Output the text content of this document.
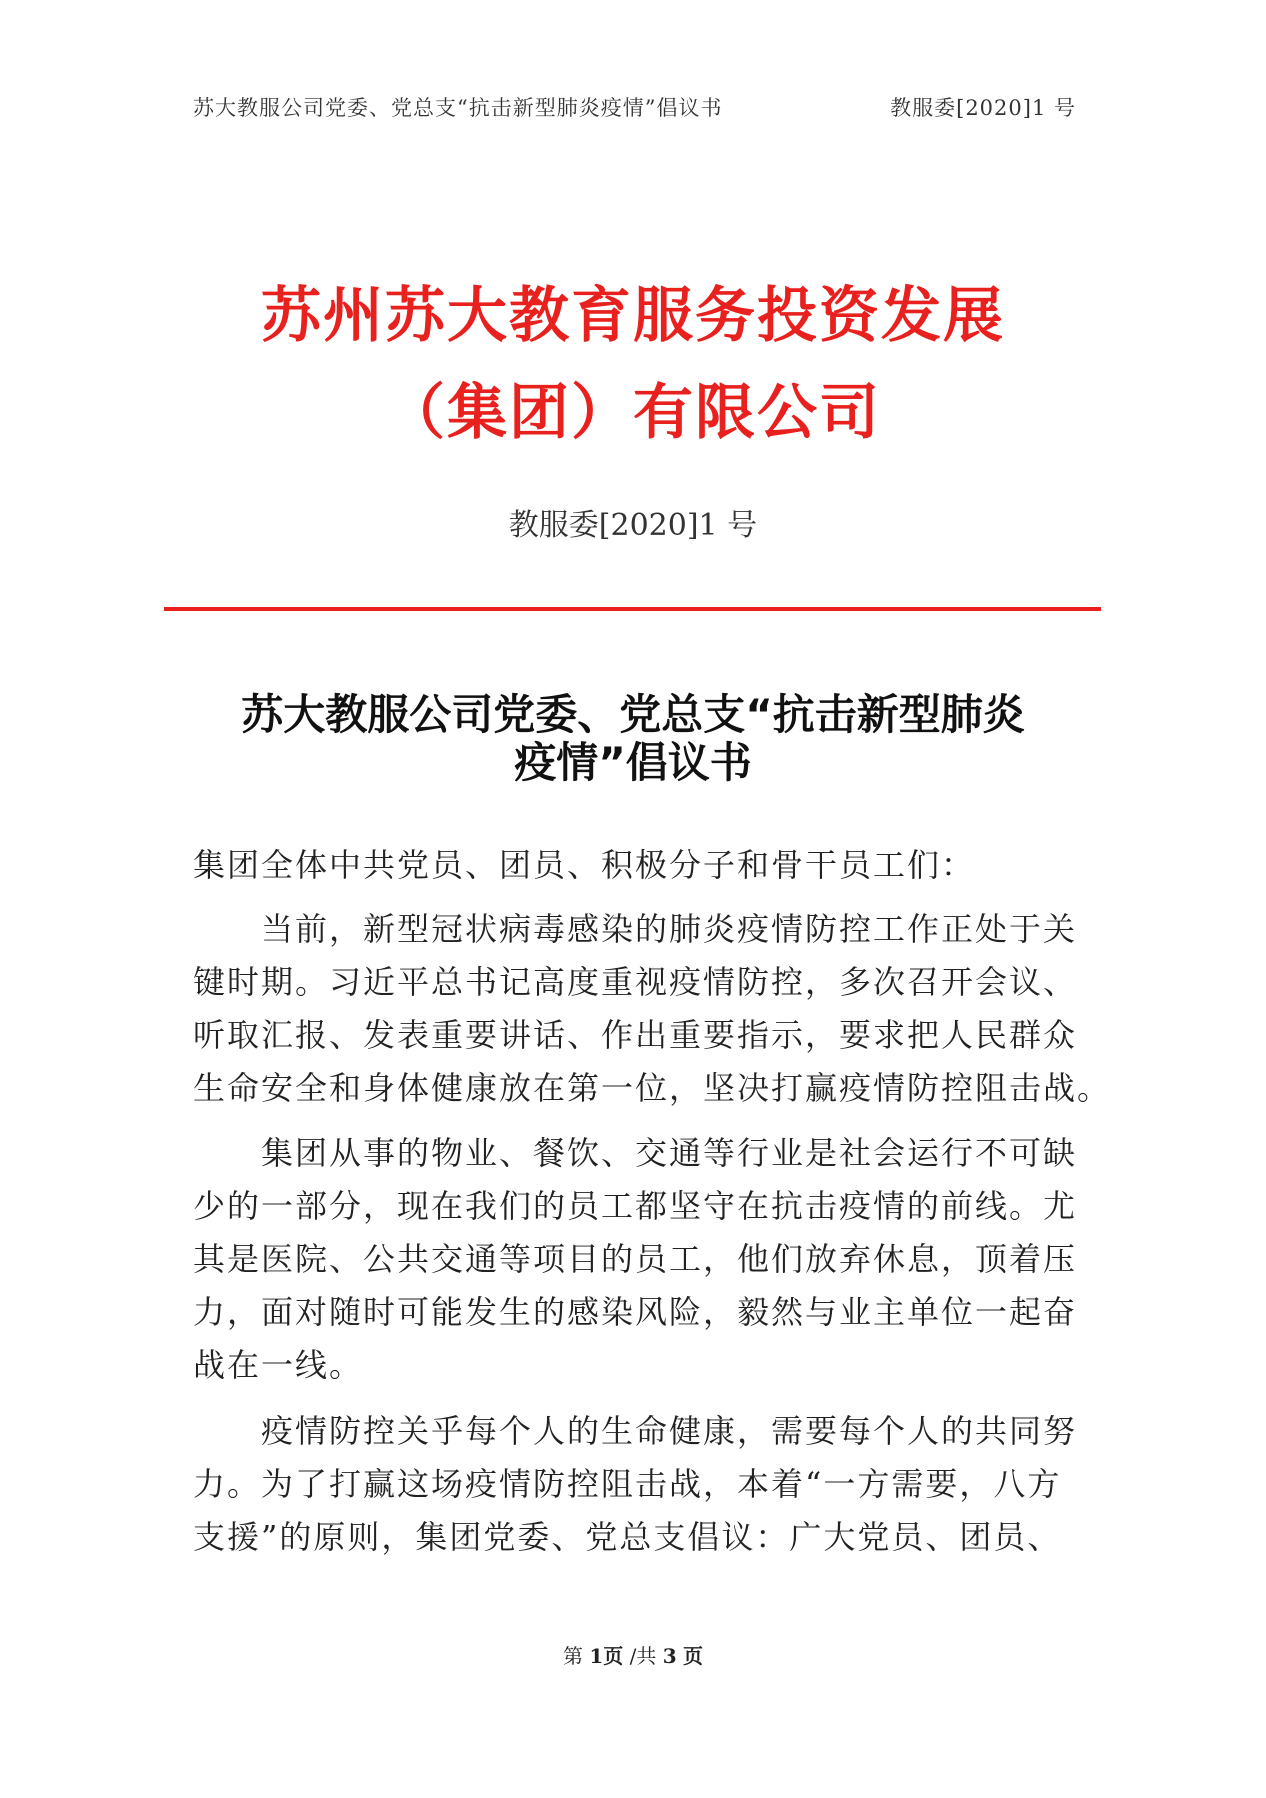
苏大教服公司党委、党总支“抗击新型肺炎疫情”倡议书	教服委[2020]1 号
苏州苏大教育服务投资发展
（集团）有限公司
教服委[2020]1 号
苏大教服公司党委、党总支“抗击新型肺炎
疫情”倡议书
集团全体中共党员、团员、积极分子和骨干员工们：
　当前，新型冠状病毒感染的肺炎疫情防控工作正处于关
键时期。习近平总书记高度重视疫情防控，多次召开会议、
听取汇报、发表重要讲话、作出重要指示，要求把人民群众
生命安全和身体健康放在第一位，坚决打赢疫情防控阻击战。
　集团从事的物业、餐饮、交通等行业是社会运行不可缺
少的一部分，现在我们的员工都坚守在抗击疫情的前线。尤
其是医院、公共交通等项目的员工，他们放弃休息，顶着压
力，面对随时可能发生的感染风险，毅然与业主单位一起奋
战在一线。
　疫情防控关乎每个人的生命健康，需要每个人的共同努
力。为了打赢这场疫情防控阻击战，本着“一方需要，八方
支援”的原则，集团党委、党总支倡议：广大党员、团员、
第 1页 /共 3 页
